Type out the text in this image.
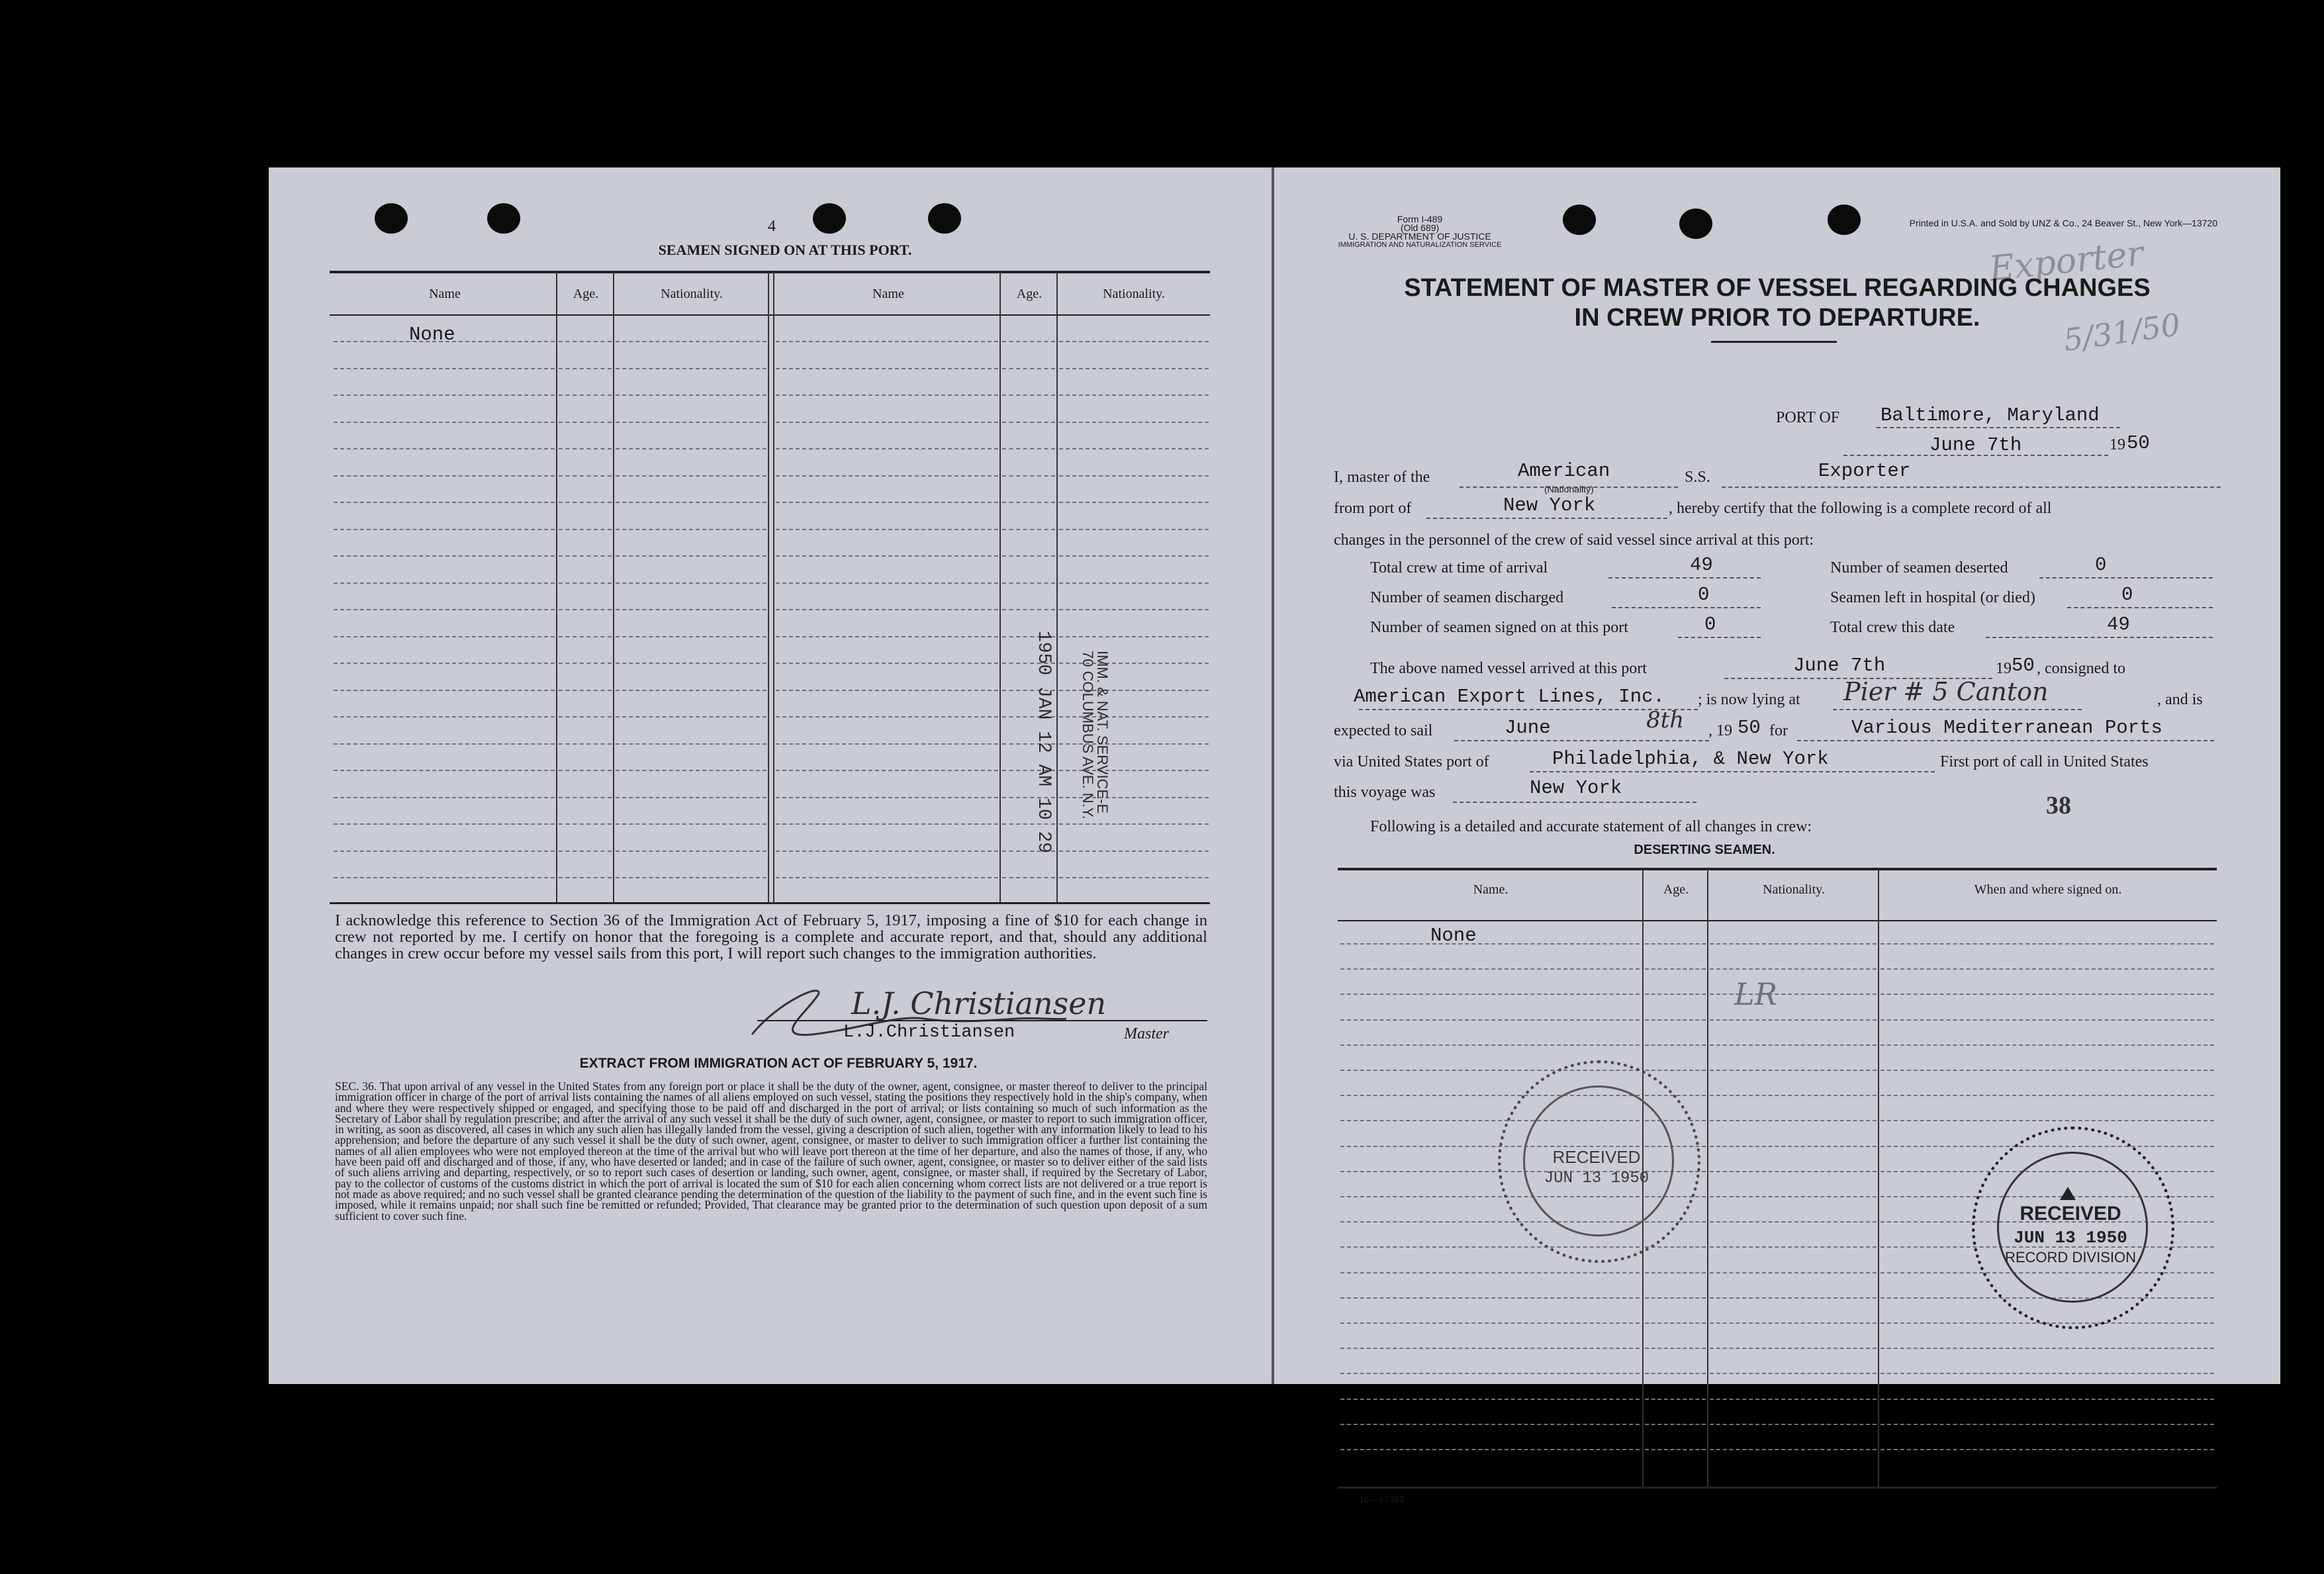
4
SEAMEN SIGNED ON AT THIS PORT.
Name	Age.	Nationality.	Name	Age.	Nationality.
None
1950 JAN 12 AM 10 29	IMM. & NAT. SERVICE-E
70 COLUMBUS AVE. N.Y.
I acknowledge this reference to Section 36 of the Immigration Act of February 5, 1917, imposing a fine of $10 for each change in crew not reported by me. I certify on honor that the foregoing is a complete and accurate report, and that, should any additional changes in crew occur before my vessel sails from this port, I will report such changes to the immigration authorities.
L.J.Christiansen	Master
EXTRACT FROM IMMIGRATION ACT OF FEBRUARY 5, 1917.
SEC. 36. That upon arrival of any vessel in the United States from any foreign port or place it shall be the duty of the owner, agent, consignee, or master thereof to deliver to the principal immigration officer in charge of the port of arrival lists containing the names of all aliens employed on such vessel, stating the positions they respectively hold in the ship's company, when and where they were respectively shipped or engaged, and specifying those to be paid off and discharged in the port of arrival; or lists containing so much of such information as the Secretary of Labor shall by regulation prescribe; and after the arrival of any such vessel it shall be the duty of such owner, agent, consignee, or master to report to such immigration officer, in writing, as soon as discovered, all cases in which any such alien has illegally landed from the vessel, giving a description of such alien, together with any information likely to lead to his apprehension; and before the departure of any such vessel it shall be the duty of such owner, agent, consignee, or master to deliver to such immigration officer a further list containing the names of all alien employees who were not employed thereon at the time of the arrival but who will leave port thereon at the time of her departure, and also the names of those, if any, who have been paid off and discharged and of those, if any, who have deserted or landed; and in case of the failure of such owner, agent, consignee, or master so to deliver either of the said lists of such aliens arriving and departing, respectively, or so to report such cases of desertion or landing, such owner, agent, consignee, or master shall, if required by the Secretary of Labor, pay to the collector of customs of the customs district in which the port of arrival is located the sum of $10 for each alien concerning whom correct lists are not delivered or a true report is not made as above required; and no such vessel shall be granted clearance pending the determination of the question of the liability to the payment of such fine, and in the event such fine is imposed, while it remains unpaid; nor shall such fine be remitted or refunded; Provided, That clearance may be granted prior to the determination of such question upon deposit of a sum sufficient to cover such fine.
L.J. Christiansen
Form I-489
(Old 689)
U. S. DEPARTMENT OF JUSTICE
IMMIGRATION AND NATURALIZATION SERVICE
Printed in U.S.A. and Sold by UNZ & Co., 24 Beaver St., New York—13720
Exporter
5/31/50
STATEMENT OF MASTER OF VESSEL REGARDING CHANGES
IN CREW PRIOR TO DEPARTURE.
PORT OF Baltimore, Maryland
June 7th	19 50
I, master of the	American
(Nationality)
S.S.	Exporter
from port of	New York	, hereby certify that the following is a complete record of all
changes in the personnel of the crew of said vessel since arrival at this port:
Total crew at time of arrival	49	Number of seamen deserted	0
Number of seamen discharged	0	Seamen left in hospital (or died)	0
Number of seamen signed on at this port	0	Total crew this date	49
The above named vessel arrived at this port	June 7th	19 50 , consigned to
American Export Lines, Inc. ; is now lying at Pier # 5 Canton	, and is
expected to sail	June	8th , 19 50 for	Various Mediterranean Ports
via United States port of	Philadelphia, & New York	First port of call in United States
this voyage was	New York
38
Following is a detailed and accurate statement of all changes in crew:
DESERTING SEAMEN.
Name.	Age.	Nationality.	When and where signed on.
None
LR
RECEIVED
JUN 13 1950
RECEIVED
JUN 13 1950
RECORD DIVISION
16—17387
